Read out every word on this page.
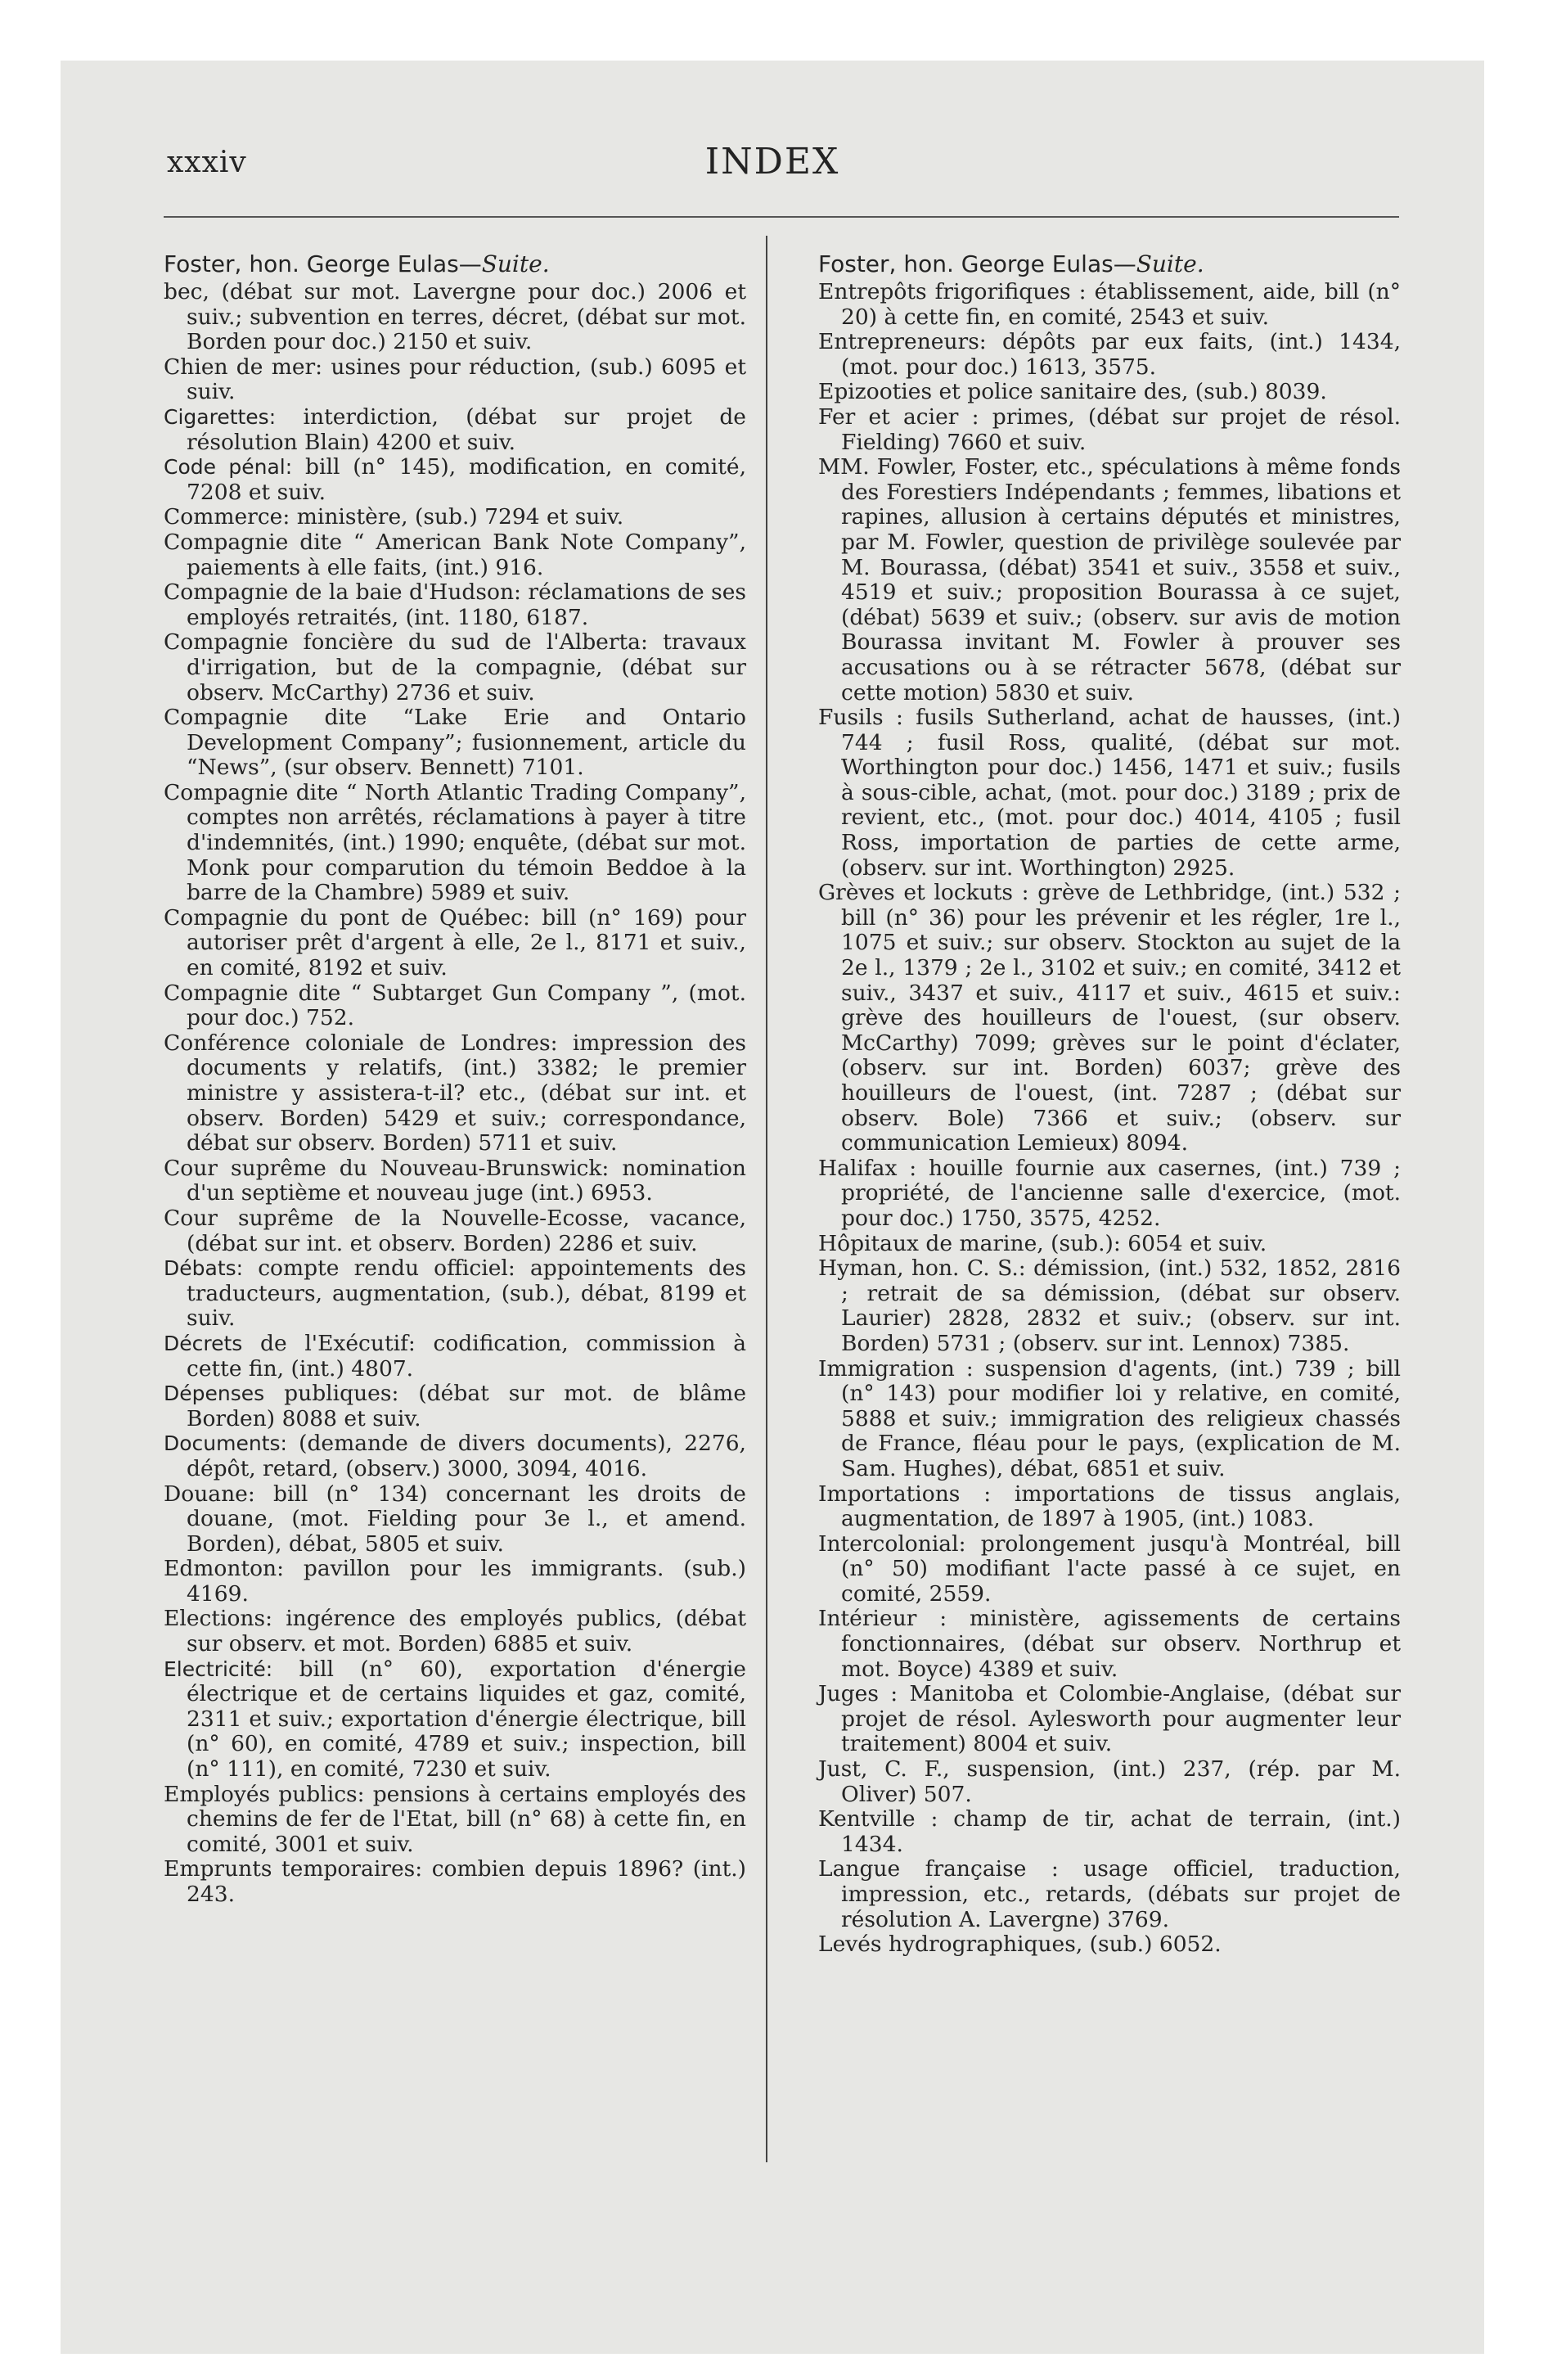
xxxiv	INDEX
Foster, hon. George Eulas—Suite.

bec, (débat sur mot. Lavergne pour doc.) 2006 et suiv.; subvention en terres, décret, (débat sur mot. Borden pour doc.) 2150 et suiv.

Chien de mer: usines pour réduction, (sub.) 6095 et suiv.

Cigarettes: interdiction, (débat sur projet de résolution Blain) 4200 et suiv.

Code pénal: bill (n° 145), modification, en comité, 7208 et suiv.

Commerce: ministère, (sub.) 7294 et suiv.

Compagnie dite “ American Bank Note Company”, paiements à elle faits, (int.) 916.

Compagnie de la baie d'Hudson: réclamations de ses employés retraités, (int. 1180, 6187.

Compagnie foncière du sud de l'Alberta: travaux d'irrigation, but de la compagnie, (débat sur observ. McCarthy) 2736 et suiv.

Compagnie dite “Lake Erie and Ontario Development Company”; fusionnement, article du “News”, (sur observ. Bennett) 7101.

Compagnie dite “ North Atlantic Trading Company”, comptes non arrêtés, réclamations à payer à titre d'indemnités, (int.) 1990; enquête, (débat sur mot. Monk pour comparution du témoin Beddoe à la barre de la Chambre) 5989 et suiv.

Compagnie du pont de Québec: bill (n° 169) pour autoriser prêt d'argent à elle, 2e l., 8171 et suiv., en comité, 8192 et suiv.

Compagnie dite “ Subtarget Gun Company ”, (mot. pour doc.) 752.

Conférence coloniale de Londres: impression des documents y relatifs, (int.) 3382; le premier ministre y assistera-t-il? etc., (débat sur int. et observ. Borden) 5429 et suiv.; correspondance, débat sur observ. Borden) 5711 et suiv.

Cour suprême du Nouveau-Brunswick: nomination d'un septième et nouveau juge (int.) 6953.

Cour suprême de la Nouvelle-Ecosse, vacance, (débat sur int. et observ. Borden) 2286 et suiv.

Débats: compte rendu officiel: appointements des traducteurs, augmentation, (sub.), débat, 8199 et suiv.

Décrets de l'Exécutif: codification, commission à cette fin, (int.) 4807.

Dépenses publiques: (débat sur mot. de blâme Borden) 8088 et suiv.

Documents: (demande de divers documents), 2276, dépôt, retard, (observ.) 3000, 3094, 4016.

Douane: bill (n° 134) concernant les droits de douane, (mot. Fielding pour 3e l., et amend. Borden), débat, 5805 et suiv.

Edmonton: pavillon pour les immigrants. (sub.) 4169.

Elections: ingérence des employés publics, (débat sur observ. et mot. Borden) 6885 et suiv.

Electricité: bill (n° 60), exportation d'énergie électrique et de certains liquides et gaz, comité, 2311 et suiv.; exportation d'énergie électrique, bill (n° 60), en comité, 4789 et suiv.; inspection, bill (n° 111), en comité, 7230 et suiv.

Employés publics: pensions à certains employés des chemins de fer de l'Etat, bill (n° 68) à cette fin, en comité, 3001 et suiv.

Emprunts temporaires: combien depuis 1896? (int.) 243.

Foster, hon. George Eulas—Suite.

Entrepôts frigorifiques : établissement, aide, bill (n° 20) à cette fin, en comité, 2543 et suiv.

Entrepreneurs: dépôts par eux faits, (int.) 1434, (mot. pour doc.) 1613, 3575.

Epizooties et police sanitaire des, (sub.) 8039.

Fer et acier : primes, (débat sur projet de résol. Fielding) 7660 et suiv.

MM. Fowler, Foster, etc., spéculations à même fonds des Forestiers Indépendants ; femmes, libations et rapines, allusion à certains députés et ministres, par M. Fowler, question de privilège soulevée par M. Bourassa, (débat) 3541 et suiv., 3558 et suiv., 4519 et suiv.; proposition Bourassa à ce sujet, (débat) 5639 et suiv.; (observ. sur avis de motion Bourassa invitant M. Fowler à prouver ses accusations ou à se rétracter 5678, (débat sur cette motion) 5830 et suiv.

Fusils : fusils Sutherland, achat de hausses, (int.) 744 ; fusil Ross, qualité, (débat sur mot. Worthington pour doc.) 1456, 1471 et suiv.; fusils à sous-cible, achat, (mot. pour doc.) 3189 ; prix de revient, etc., (mot. pour doc.) 4014, 4105 ; fusil Ross, importation de parties de cette arme, (observ. sur int. Worthington) 2925.

Grèves et lockuts : grève de Lethbridge, (int.) 532 ; bill (n° 36) pour les prévenir et les régler, 1re l., 1075 et suiv.; sur observ. Stockton au sujet de la 2e l., 1379 ; 2e l., 3102 et suiv.; en comité, 3412 et suiv., 3437 et suiv., 4117 et suiv., 4615 et suiv.: grève des houilleurs de l'ouest, (sur observ. McCarthy) 7099; grèves sur le point d'éclater, (observ. sur int. Borden) 6037; grève des houilleurs de l'ouest, (int. 7287 ; (débat sur observ. Bole) 7366 et suiv.; (observ. sur communication Lemieux) 8094.

Halifax : houille fournie aux casernes, (int.) 739 ; propriété, de l'ancienne salle d'exercice, (mot. pour doc.) 1750, 3575, 4252.

Hôpitaux de marine, (sub.): 6054 et suiv.

Hyman, hon. C. S.: démission, (int.) 532, 1852, 2816 ; retrait de sa démission, (débat sur observ. Laurier) 2828, 2832 et suiv.; (observ. sur int. Borden) 5731 ; (observ. sur int. Lennox) 7385.

Immigration : suspension d'agents, (int.) 739 ; bill (n° 143) pour modifier loi y relative, en comité, 5888 et suiv.; immigration des religieux chassés de France, fléau pour le pays, (explication de M. Sam. Hughes), débat, 6851 et suiv.

Importations : importations de tissus anglais, augmentation, de 1897 à 1905, (int.) 1083.

Intercolonial: prolongement jusqu'à Montréal, bill (n° 50) modifiant l'acte passé à ce sujet, en comité, 2559.

Intérieur : ministère, agissements de certains fonctionnaires, (débat sur observ. Northrup et mot. Boyce) 4389 et suiv.

Juges : Manitoba et Colombie-Anglaise, (débat sur projet de résol. Aylesworth pour augmenter leur traitement) 8004 et suiv.

Just, C. F., suspension, (int.) 237, (rép. par M. Oliver) 507.

Kentville : champ de tir, achat de terrain, (int.) 1434.

Langue française : usage officiel, traduction, impression, etc., retards, (débats sur projet de résolution A. Lavergne) 3769.

Levés hydrographiques, (sub.) 6052.
